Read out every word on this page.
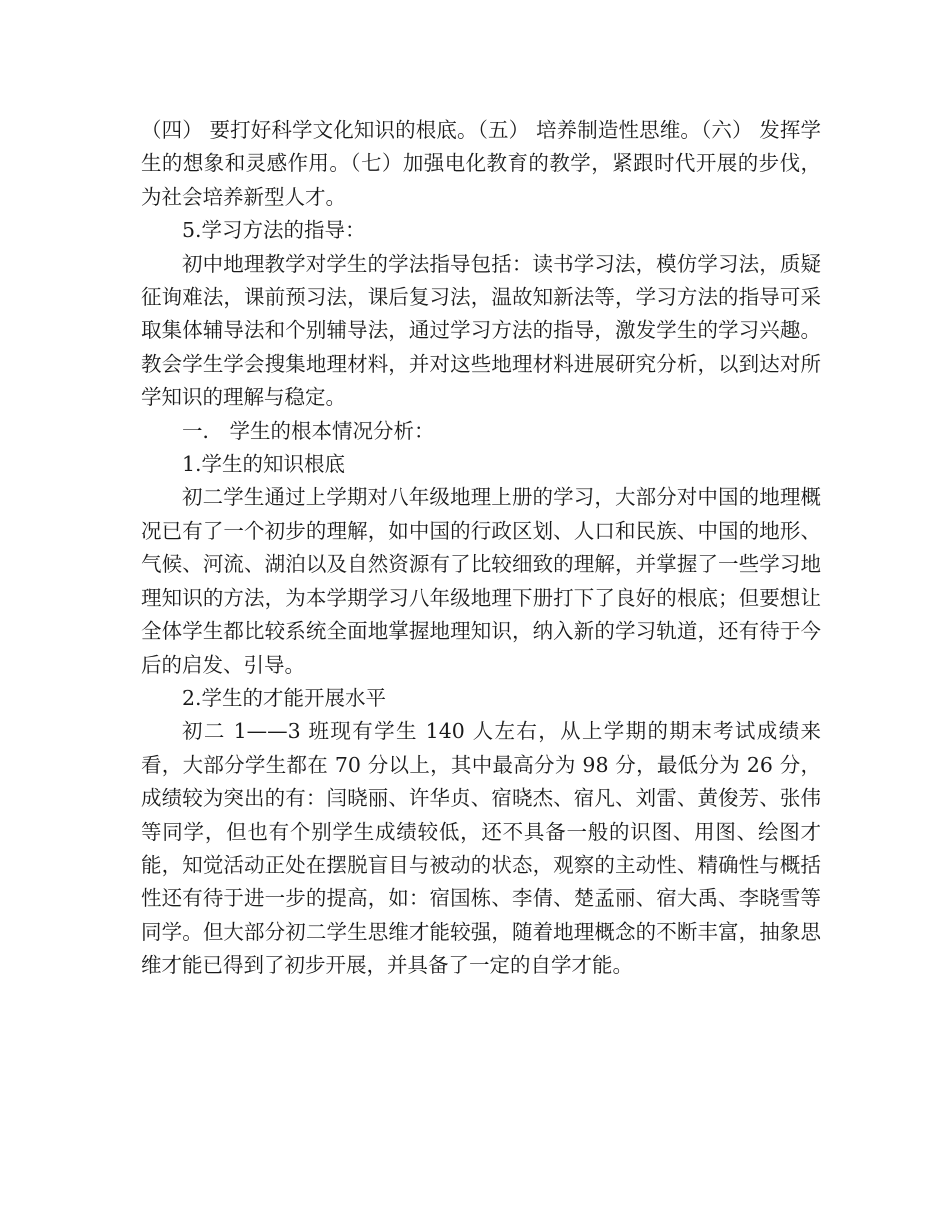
（四） 要打好科学文化知识的根底。（五） 培养制造性思维。（六） 发挥学生的想象和灵感作用。（七）加强电化教育的教学，紧跟时代开展的步伐，为社会培养新型人才。

5.学习方法的指导：

初中地理教学对学生的学法指导包括：读书学习法，模仿学习法，质疑征询难法，课前预习法，课后复习法，温故知新法等，学习方法的指导可采取集体辅导法和个别辅导法，通过学习方法的指导，激发学生的学习兴趣。教会学生学会搜集地理材料，并对这些地理材料进展研究分析，以到达对所学知识的理解与稳定。

一． 学生的根本情况分析：

1.学生的知识根底

初二学生通过上学期对八年级地理上册的学习，大部分对中国的地理概况已有了一个初步的理解，如中国的行政区划、人口和民族、中国的地形、气候、河流、湖泊以及自然资源有了比较细致的理解，并掌握了一些学习地理知识的方法，为本学期学习八年级地理下册打下了良好的根底；但要想让全体学生都比较系统全面地掌握地理知识，纳入新的学习轨道，还有待于今后的启发、引导。

2.学生的才能开展水平

初二 1——3 班现有学生 140 人左右，从上学期的期末考试成绩来看，大部分学生都在 70 分以上，其中最高分为 98 分，最低分为 26 分，成绩较为突出的有：闫晓丽、许华贞、宿晓杰、宿凡、刘雷、黄俊芳、张伟等同学，但也有个别学生成绩较低，还不具备一般的识图、用图、绘图才能，知觉活动正处在摆脱盲目与被动的状态，观察的主动性、精确性与概括性还有待于进一步的提高，如：宿国栋、李倩、楚孟丽、宿大禹、李晓雪等同学。但大部分初二学生思维才能较强，随着地理概念的不断丰富，抽象思维才能已得到了初步开展，并具备了一定的自学才能。
